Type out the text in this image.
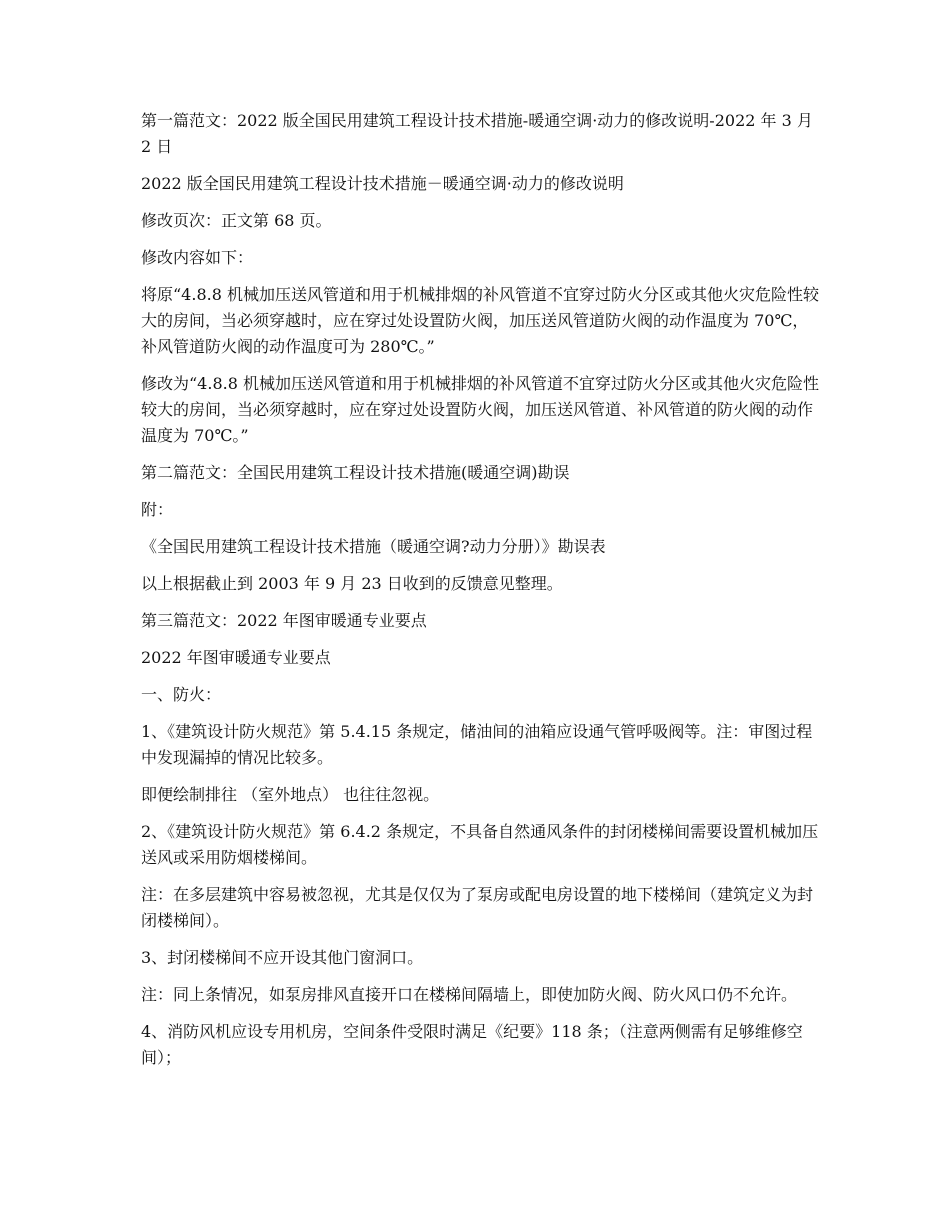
第一篇范文：2022 版全国民用建筑工程设计技术措施-暖通空调·动力的修改说明-2022 年 3 月 2 日

2022 版全国民用建筑工程设计技术措施－暖通空调·动力的修改说明

修改页次：正文第 68 页。

修改内容如下：

将原“4.8.8 机械加压送风管道和用于机械排烟的补风管道不宜穿过防火分区或其他火灾危险性较大的房间，当必须穿越时，应在穿过处设置防火阀，加压送风管道防火阀的动作温度为 70℃，补风管道防火阀的动作温度可为 280℃。”

修改为“4.8.8 机械加压送风管道和用于机械排烟的补风管道不宜穿过防火分区或其他火灾危险性较大的房间，当必须穿越时，应在穿过处设置防火阀，加压送风管道、补风管道的防火阀的动作温度为 70℃。”

第二篇范文：全国民用建筑工程设计技术措施(暖通空调)勘误

附：

《全国民用建筑工程设计技术措施（暖通空调?动力分册）》勘误表

以上根据截止到 2003 年 9 月 23 日收到的反馈意见整理。

第三篇范文：2022 年图审暖通专业要点

2022 年图审暖通专业要点

一、防火：

1、《建筑设计防火规范》第 5.4.15 条规定，储油间的油箱应设通气管呼吸阀等。注：审图过程中发现漏掉的情况比较多。

即便绘制排往 （室外地点） 也往往忽视。

2、《建筑设计防火规范》第 6.4.2 条规定，不具备自然通风条件的封闭楼梯间需要设置机械加压送风或采用防烟楼梯间。

注：在多层建筑中容易被忽视，尤其是仅仅为了泵房或配电房设置的地下楼梯间（建筑定义为封闭楼梯间）。

3、封闭楼梯间不应开设其他门窗洞口。

注：同上条情况，如泵房排风直接开口在楼梯间隔墙上，即使加防火阀、防火风口仍不允许。

4、消防风机应设专用机房，空间条件受限时满足《纪要》118 条；（注意两侧需有足够维修空间）；
